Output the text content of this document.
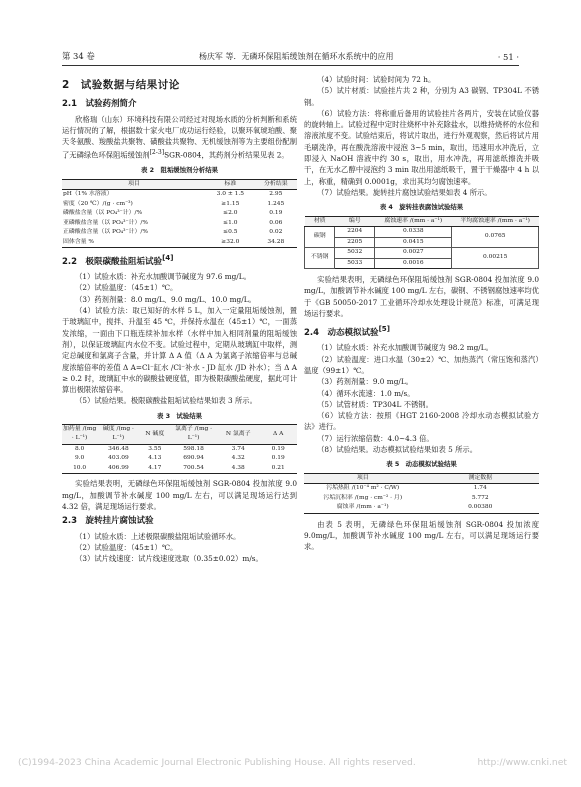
第 34 卷	杨庆军 等．无磷环保阻垢缓蚀剂在循环水系统中的应用	· 51 ·
2　试验数据与结果讨论
2.1　试验药剂简介

欣格瑞（山东）环境科技有限公司经过对现场水质的分析判断和系统运行情况的了解，根据数十家火电厂成功运行经验，以聚环氧琥珀酸、聚天冬氨酸、羧酸盐共聚物、磺酸盐共聚物、无机缓蚀剂等为主要组份配制了无磷绿色环保阻垢缓蚀剂[2-3]SGR-0804，其药剂分析结果见表 2。

表 2　阻垢缓蚀剂分析结果
项目	标准	分析结果
pH（1% 水溶液）	3.0 ± 1.5	2.95
密度（20 ℃）/(g · cm⁻³)	≥1.15	1.245
磷酸盐含量（以 PO₄³⁻计）/%	≤2.0	0.19
亚磷酸盐含量（以 PO₄³⁻计）/%	≤1.0	0.06
正磷酸盐含量（以 PO₄³⁻计）/%	≤0.5	0.02
固体含量 %	≥32.0	34.28
2.2　极限碳酸盐阻垢试验[4]

（1）试验水质：补充水加酸调节碱度为 97.6 mg/L。

（2）试验温度：（45±1）℃。

（3）药剂剂量：8.0 mg/L、9.0 mg/L、10.0 mg/L。

（4）试验方法：取已知好的水样 5 L，加入一定量阻垢缓蚀剂，置于玻璃缸中，搅拌、升温至 45 ℃，并保持水温在（45±1）℃，一面蒸发浓缩，一面由下口瓶连续补加水样（水样中加入相同剂量的阻垢缓蚀剂），以保证玻璃缸内水位不变。试验过程中，定期从玻璃缸中取样，测定总碱度和氯离子含量，并计算 Δ A 值（Δ A 为氯离子浓缩倍率与总碱度浓缩倍率的差值 Δ A=Cl⁻缸水 /Cl⁻补水 - JD 缸水 /JD 补水）；当 Δ A ≥ 0.2 时，玻璃缸中水的碳酸盐硬度值，即为极限碳酸盐硬度，据此可计算出极限浓缩倍率。

（5）试验结果。极限碳酸盐阻垢试验结果如表 3 所示。

表 3　试验结果
加药量 /(mg · L⁻¹)	碱度 /(mg · L⁻¹)	N 碱度	氯离子 /(mg · L⁻¹)	N 氯离子	Δ A
8.0	346.48	3.55	598.18	3.74	0.19
9.0	403.09	4.13	690.94	4.32	0.19
10.0	406.99	4.17	700.54	4.38	0.21

实验结果表明，无磷绿色环保阻垢缓蚀剂 SGR-0804 投加浓度 9.0 mg/L，加酸调节补水碱度 100 mg/L 左右，可以满足现场运行达到 4.32 倍，满足现场运行要求。

2.3　旋转挂片腐蚀试验

（1）试验水质：上述极限碳酸盐阻垢试验循环水。

（2）试验温度：（45±1）℃。

（3）试片线速度：试片线速度选取（0.35±0.02）m/s。

（4）试验时间：试验时间为 72 h。

（5）试片材质：试验挂片共 2 种，分别为 A3 碳钢、TP304L 不锈钢。

（6）试验方法：将称重后备用的试验挂片各两片，安装在试验仪器的旋转轴上。试验过程中定时往烧杯中补充除盐水，以维持烧杯的水位和溶液浓度不变。试验结束后，将试片取出，进行外观观察，然后将试片用毛刷洗净，再在酸洗溶液中浸泡 3~5 min，取出，迅速用水冲洗后，立即浸入 NaOH 溶液中约 30 s，取出，用水冲洗，再用滤纸擦洗并吸干，在无水乙醇中浸泡约 3 min 取出用滤纸吸干，置于干燥器中 4 h 以上，称重，精确到 0.0001g，求出其均匀腐蚀速率。

（7）试验结果。旋转挂片腐蚀试验结果如表 4 所示。

表 4　旋转挂表腐蚀试验结果
材质	编号	腐蚀速率 /(mm · a⁻¹)	平均腐蚀速率 /(mm · a⁻¹)
碳钢	2204	0.0338	0.0765
	2205	0.0415	
不锈钢	5032	0.0027	0.00215
	5033	0.0016	

实验结果表明，无磷绿色环保阻垢缓蚀剂 SGR-0804 投加浓度 9.0 mg/L，加酸调节补水碱度 100 mg/L 左右，碳钢、不锈钢腐蚀速率均优于《GB 50050-2017 工业循环冷却水处理设计规范》标准，可满足现场运行要求。

2.4　动态模拟试验[5]

（1）试验水质：补充水加酸调节碱度为 98.2 mg/L。

（2）试验温度：进口水温（30±2）℃、加热蒸汽（常压饱和蒸汽）温度（99±1）℃。

（3）药剂剂量：9.0 mg/L。

（4）循环水流速：1.0 m/s。

（5）试管材质：TP304L 不锈钢。

（6）试验方法：按照《HGT 2160-2008 冷却水动态模拟试验方法》进行。

（7）运行浓缩倍数：4.0~4.3 倍。

（8）试验结果。动态模拟试验结果如表 5 所示。

表 5　动态模拟试验结果
项目	测定数据
污垢热阻 /(10⁻⁴ m² · C/W)	1.74
污垢沉积率 /(mg · cm⁻² · 月)	5.772
腐蚀率 /(mm · a⁻¹)	0.00380

由表 5 表明，无磷绿色环保阻垢缓蚀剂 SGR-0804 投加浓度 9.0mg/L，加酸调节补水碱度 100 mg/L 左右，可以满足现场运行要求。

(C)1994-2023 China Academic Journal Electronic Publishing House. All rights reserved.	http://www.cnki.net
